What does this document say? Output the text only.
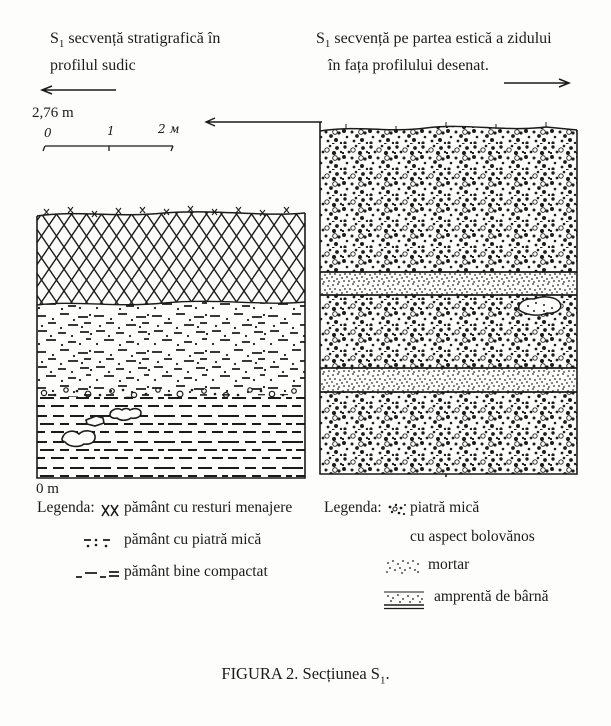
$S_1$ secvență stratigrafică în
profilul sudic
2,76 m
0	1	2 м
$S_1$ secvență pe partea estică a zidului
în fața profilului desenat.
0 m
Legenda: pământ cu resturi menajere
pământ cu piatră mică
pământ bine compactat
Legenda: piatră mică
cu aspect bolovănos
mortar
amprentă de bârnă
FIGURA 2. Secțiunea $S_1$.
